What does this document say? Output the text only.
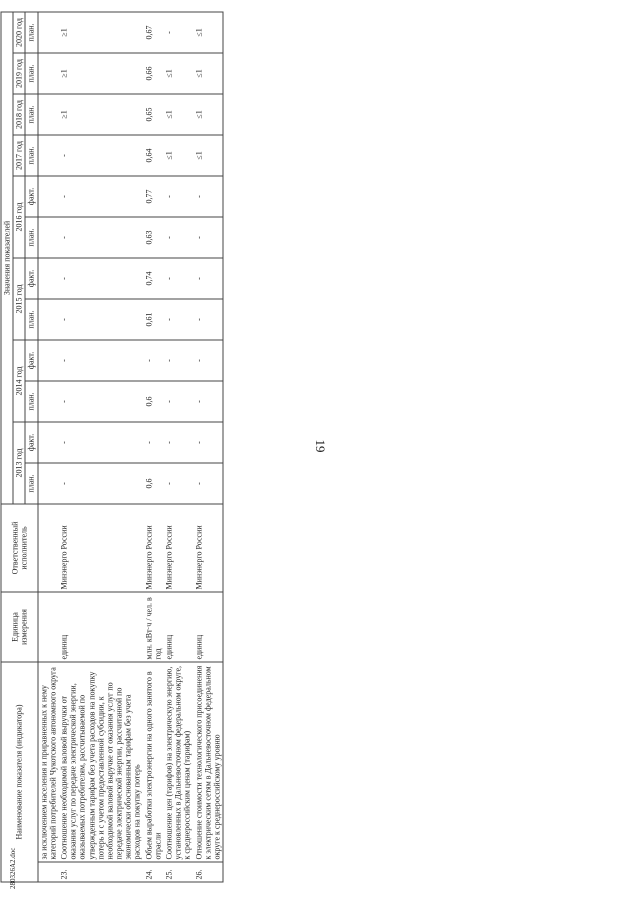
19
280326A2.doc
Наименование показателя (индикатора)		Единица измерения	Ответственный исполнитель	Значения показателей											
				2013 год		2014 год		2015 год		2016 год		2017 год	2018 год	2019 год	2020 год
				план.	факт.	план.	факт.	план.	факт.	план.	факт.	план.	план.	план.	план.
	за исключением населения и приравненных к нему категорий потребителей Чукотского автономного округа														
23.	Соотношение необходимой валовой выручки от оказания услуг по передаче электрической энергии, оказываемых потребителям, рассчитываемой по утвержденным тарифам без учета расходов на покупку потерь и с учетом предоставленной субсидии, к необходимой валовой выручке от оказания услуг по передаче электрической энергии, рассчитанной по экономически обоснованным тарифам без учета расходов на покупку потерь	единиц	Минэнерго России	-	-	-	-	-	-	-	-	-	≥1	≥1	≥1
24.	Объем выработки электроэнергии на одного занятого в отрасли	млн. кВт·ч / чел. в год	Минэнерго России	0,6	-	0,6	-	0,61	0,74	0,63	0,77	0,64	0,65	0,66	0,67
25.	Соотношение цен (тарифов) на электрическую энергию, установленных в Дальневосточном федеральном округе, к среднероссийским ценам (тарифам)	единиц	Минэнерго России	-	-	-	-	-	-	-	-	≤1	≤1	≤1	-
26.	Отношение стоимости технологического присоединения к электрическим сетям в Дальневосточном федеральном округе к среднероссийскому уровню	единиц	Минэнерго России	-	-	-	-	-	-	-	-	≤1	≤1	≤1	≤1
